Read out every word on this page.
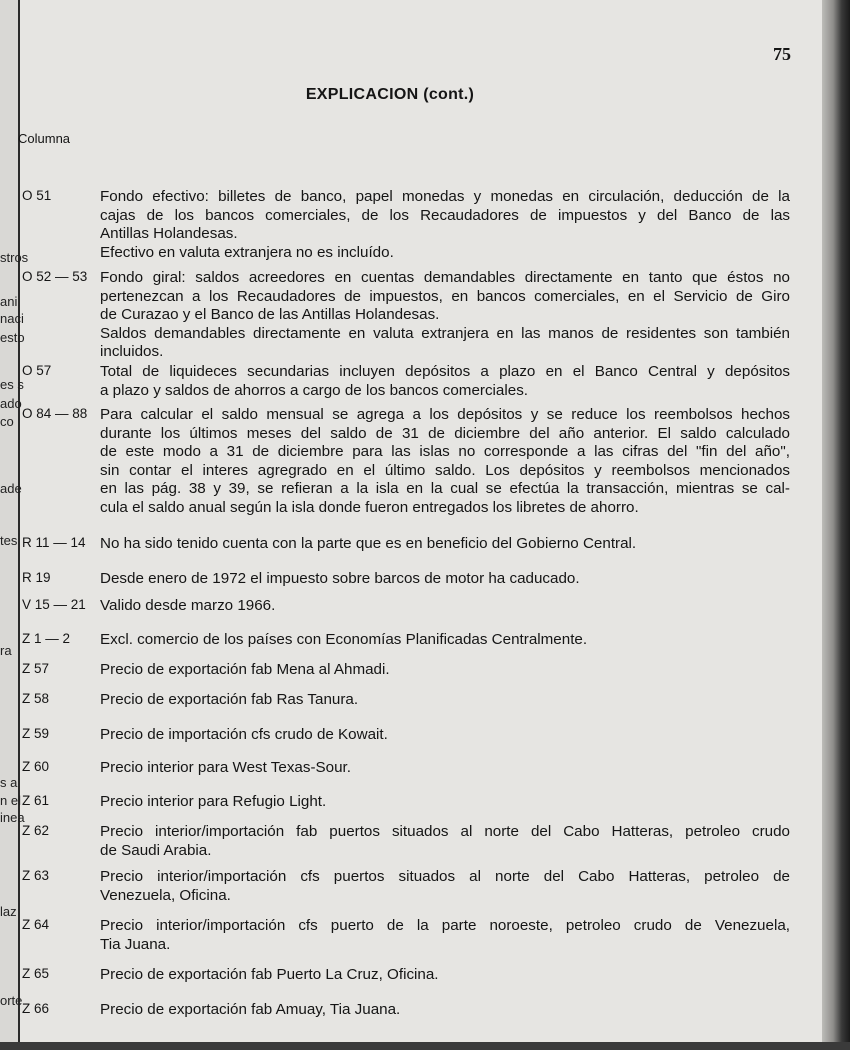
stros
ani
naci
esto
es s
ado
co
ade
tes
ra
s a
n el
inea
laz
orte
75
EXPLICACION (cont.)
Columna
O 51	Fondo efectivo: billetes de banco, papel monedas y monedas en circulación, deducción de la
cajas de los bancos comerciales, de los Recaudadores de impuestos y del Banco de las
Antillas Holandesas.
Efectivo en valuta extranjera no es incluído.
O 52 — 53 Fondo giral: saldos acreedores en cuentas demandables directamente en tanto que éstos no
pertenezcan a los Recaudadores de impuestos, en bancos comerciales, en el Servicio de Giro
de Curazao y el Banco de las Antillas Holandesas.
Saldos demandables directamente en valuta extranjera en las manos de residentes son también
incluidos.
O 57	Total de liquideces secundarias incluyen depósitos a plazo en el Banco Central y depósitos
a plazo y saldos de ahorros a cargo de los bancos comerciales.
O 84 — 88 Para calcular el saldo mensual se agrega a los depósitos y se reduce los reembolsos hechos
durante los últimos meses del saldo de 31 de diciembre del año anterior. El saldo calculado
de este modo a 31 de diciembre para las islas no corresponde a las cifras del "fin del año",
sin contar el interes agregrado en el último saldo. Los depósitos y reembolsos mencionados
en las pág. 38 y 39, se refieran a la isla en la cual se efectúa la transacción, mientras se cal-
cula el saldo anual según la isla donde fueron entregados los libretes de ahorro.
R 11 — 14 No ha sido tenido cuenta con la parte que es en beneficio del Gobierno Central.
R 19	Desde enero de 1972 el impuesto sobre barcos de motor ha caducado.
V 15 — 21 Valido desde marzo 1966.
Z 1 — 2 Excl. comercio de los países con Economías Planificadas Centralmente.
Z 57	Precio de exportación fab Mena al Ahmadi.
Z 58	Precio de exportación fab Ras Tanura.
Z 59	Precio de importación cfs crudo de Kowait.
Z 60	Precio interior para West Texas-Sour.
Z 61	Precio interior para Refugio Light.
Z 62	Precio interior/importación fab puertos situados al norte del Cabo Hatteras, petroleo crudo
de Saudi Arabia.
Z 63	Precio interior/importación cfs puertos situados al norte del Cabo Hatteras, petroleo de
Venezuela, Oficina.
Z 64	Precio interior/importación cfs puerto de la parte noroeste, petroleo crudo de Venezuela,
Tia Juana.
Z 65	Precio de exportación fab Puerto La Cruz, Oficina.
Z 66	Precio de exportación fab Amuay, Tia Juana.
